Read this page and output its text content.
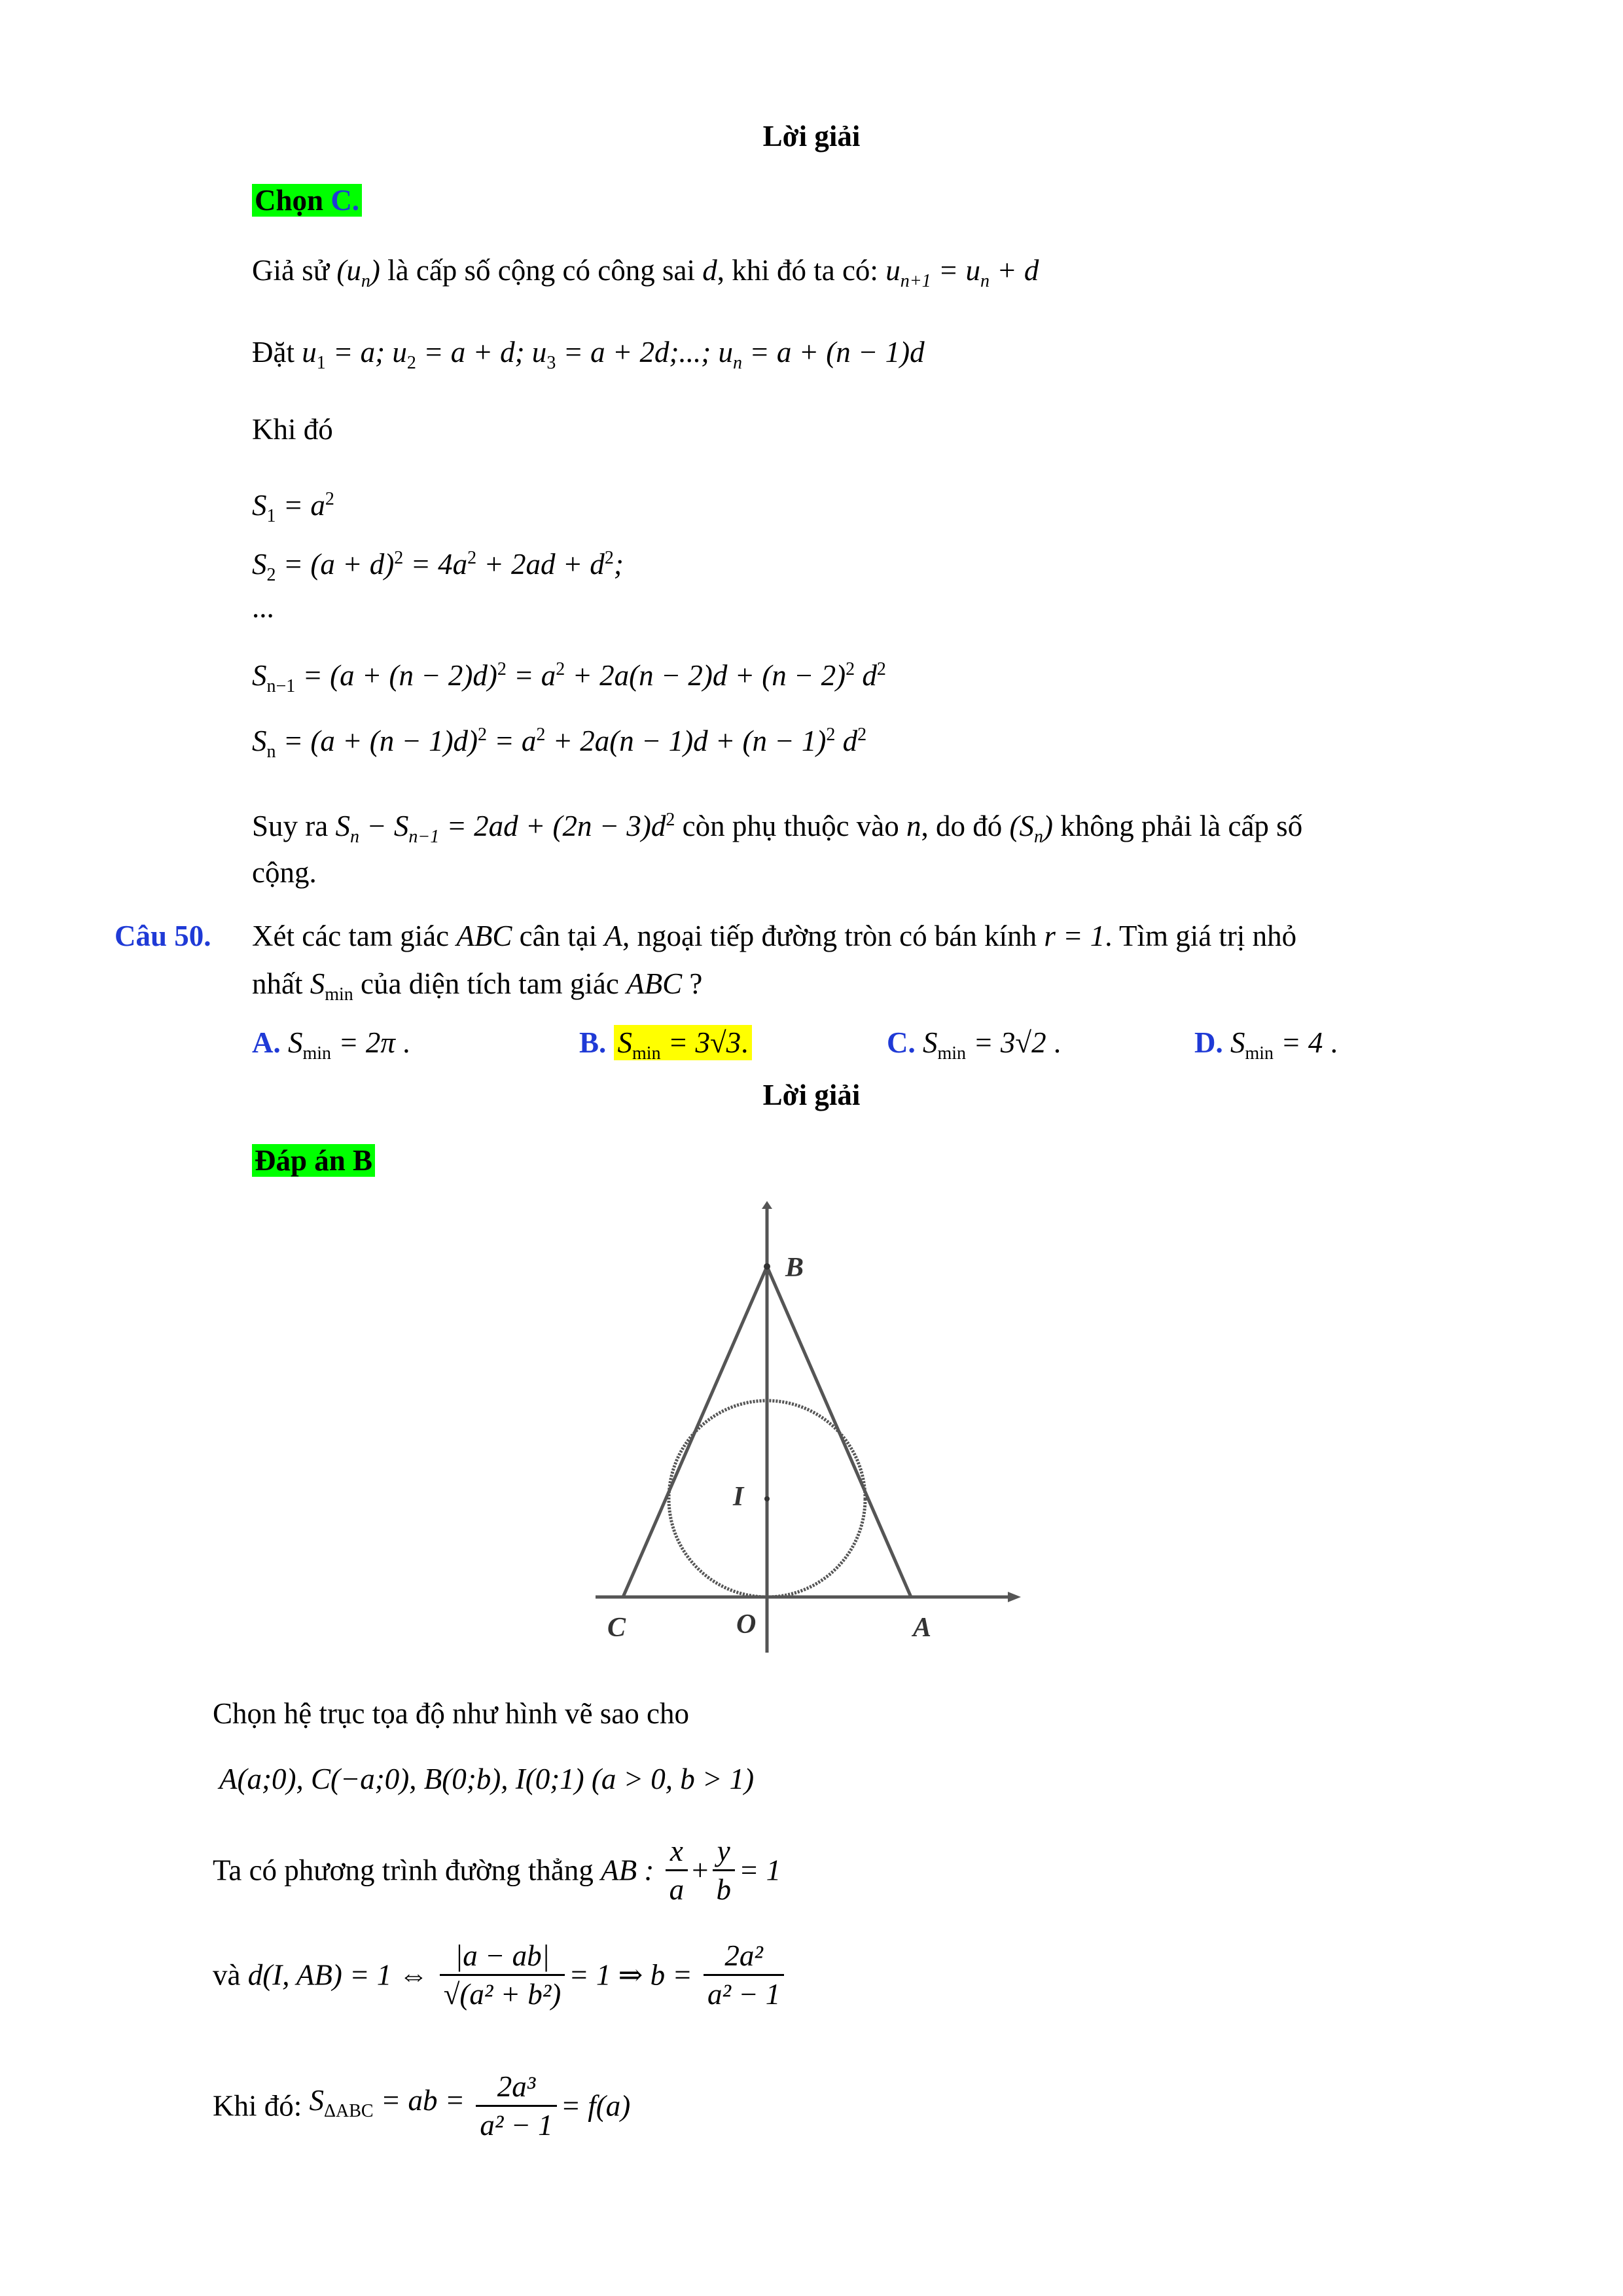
Lời giải
Chọn C.
Giả sử $(u_n)$ là cấp số cộng có công sai d, khi đó ta có: $u_{n+1} = u_n + d$
Đặt $u_1 = a$; $u_2 = a + d$; $u_3 = a + 2d$;...; $u_n = a + (n - 1)d$
Khi đó
$S_1 = a^2$
$S_2 = (a + d)^2 = 4a^2 + 2ad + d^2$;
...
$S_{n-1} = (a + (n - 2)d)^2 = a^2 + 2a(n - 2)d + (n - 2)^2$ $d^2$
$S_n = (a + (n - 1)d)^2 = a^2 + 2a(n - 1)d + (n - 1)^2$ $d^2$
Suy ra $S_n - S_{n-1} = 2ad + (2n - 3)d^2$ còn phụ thuộc vào n, do đó $(S_n)$ không phải là cấp số
cộng.
Câu 50. Xét các tam giác ABC cân tại A, ngoại tiếp đường tròn có bán kính r = 1. Tìm giá trị nhỏ
nhất $S_{min}$ của diện tích tam giác ABC ?
A. $S_{min} = 2\pi$ .	B. $S_{min} = 3√3$.	C. $S_{min} = 3√2$ .	D. $S_{min} = 4$ .
Lời giải
Đáp án B
B
I
C	O	A
Chọn hệ trục tọa độ như hình vẽ sao cho
A(a;0), C(−a;0), B(0;b), I(0;1) (a > 0, b > 1)
Ta có phương trình đường thẳng AB : $\frac{x}{a} + \frac{y}{b} = 1$
và d(I, AB) = 1 ⇔ $\frac{|a - ab|}{\text{√(a² + b²)}} = 1$ ⇒ $b = \frac{\text{2a²}}{\text{a² − 1}}$
Khi đó: $S_{\Delta ABC}$ = ab = $\frac{\text{2a³}}{\text{a² − 1}} = f(a)$
